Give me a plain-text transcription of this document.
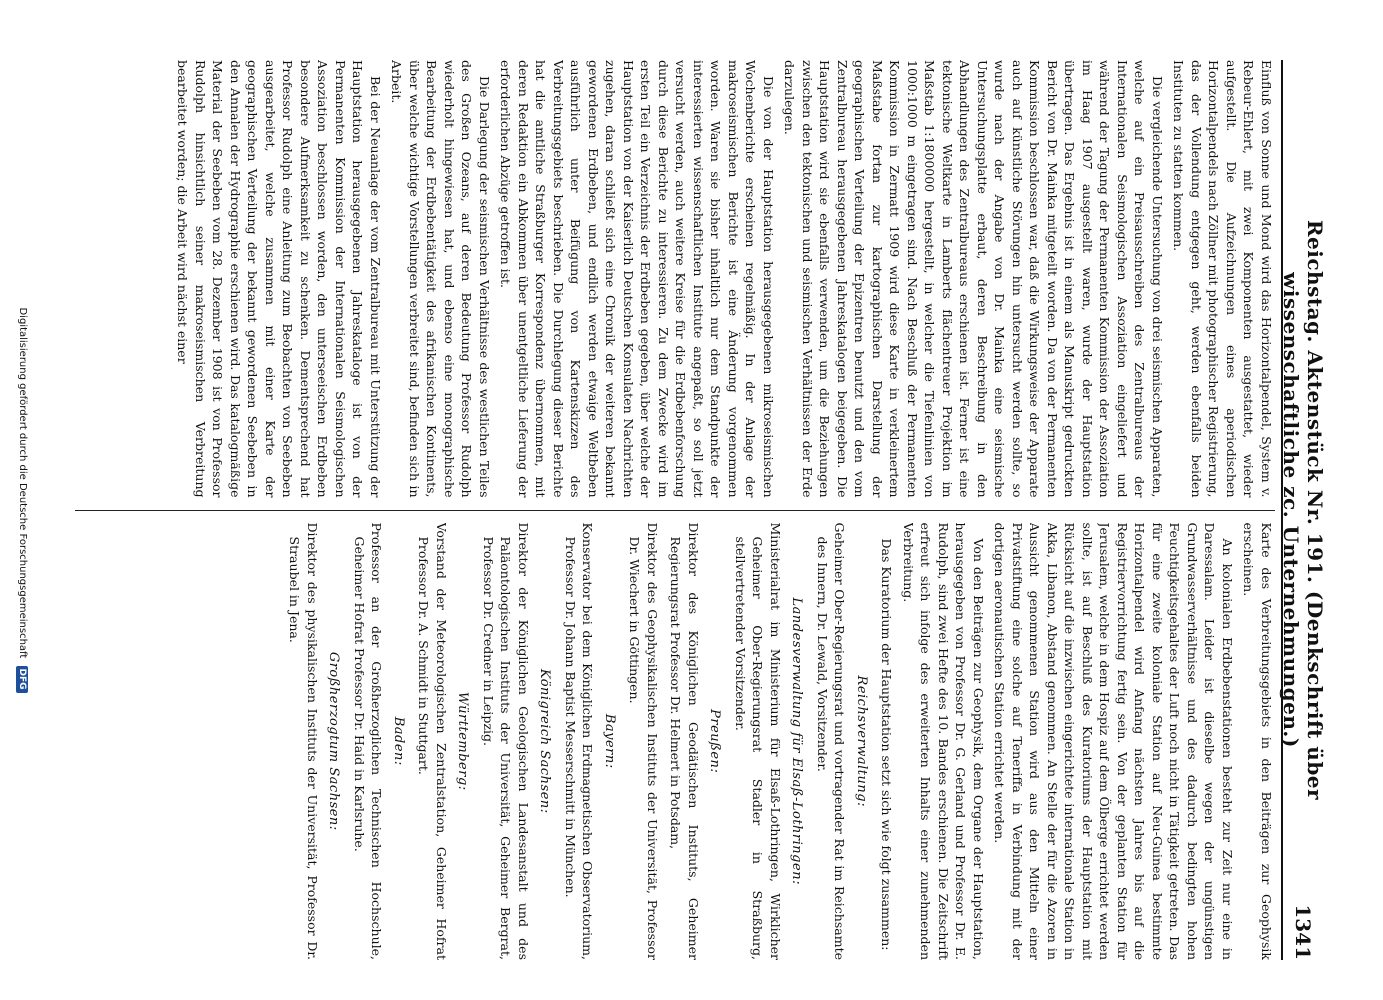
Reichstag. Aktenstück Nr. 191. (Denkschrift über wissenschaftliche zc. Unternehmungen.)
1341

Einfluß von Sonne und Mond wird das Horizontalpendel, System v. Rebeur-Ehlert, mit zwei Komponenten ausgestattet, wieder aufgestellt. Die Aufzeichnungen eines aperiodischen Horizontalpendels nach Zöllner mit photographischer Registrierung, das der Vollendung entgegen geht, werden ebenfalls beiden Instituten zu statten kommen.

Die vergleichende Untersuchung von drei seismischen Apparaten, welche auf ein Preisausschreiben des Zentralbureaus der Internationalen Seismologischen Assoziation eingeliefert und während der Tagung der Permanenten Kommission der Assoziation im Haag 1907 ausgestellt waren, wurde der Hauptstation übertragen. Das Ergebnis ist in einem als Manuskript gedruckten Bericht von Dr. Mainka mitgeteilt worden. Da von der Permanenten Kommission beschlossen war, daß die Wirkungsweise der Apparate auch auf künstliche Störungen hin untersucht werden sollte, so wurde nach der Angabe von Dr. Mainka eine seismische Untersuchungsplatte erbaut, deren Beschreibung in den Abhandlungen des Zentralbureaus erschienen ist. Ferner ist eine tektonische Weltkarte in Lamberts flächentreuer Projektion im Maßstab 1:1800000 hergestellt, in welcher die Tiefenlinien von 1000:1000 m eingetragen sind. Nach Beschluß der Permanenten Kommission in Zermatt 1909 wird diese Karte in verkleinertem Maßstabe fortan zur kartographischen Darstellung der geographischen Verteilung der Epizentren benutzt und den vom Zentralbureau herausgegebenen Jahreskatalogen beigegeben. Die Hauptstation wird sie ebenfalls verwenden, um die Beziehungen zwischen den tektonischen und seismischen Verhältnissen der Erde darzulegen.

Die von der Hauptstation herausgegebenen mikroseismischen Wochenberichte erscheinen regelmäßig. In der Anlage der makroseismischen Berichte ist eine Änderung vorgenommen worden. Waren sie bisher inhaltlich nur dem Standpunkte der interessierten wissenschaftlichen Institute angepaßt, so soll jetzt versucht werden, auch weitere Kreise für die Erdbebenforschung durch diese Berichte zu interessieren. Zu dem Zwecke wird im ersten Teil ein Verzeichnis der Erdbeben gegeben, über welche der Hauptstation von der Kaiserlich Deutschen Konsulaten Nachrichten zugehen, daran schließt sich eine Chronik der weiteren bekannt gewordenen Erdbeben, und endlich werden etwaige Weltbeben ausführlich unter Beifügung von Kartenskizzen des Verbreitungsgebiets beschrieben. Die Durchlegung dieser Berichte hat die amtliche Straßburger Korrespondenz übernommen, mit deren Redaktion ein Abkommen über unentgeltliche Lieferung der erforderlichen Abzüge getroffen ist.

Die Darlegung der seismischen Verhältnisse des westlichen Teiles des Großen Ozeans, auf deren Bedeutung Professor Rudolph wiederholt hingewiesen hat, und ebenso eine monographische Bearbeitung der Erdbebentätigkeit des afrikanischen Kontinents, über welche wichtige Vorstellungen verbreitet sind, befinden sich in Arbeit.

Bei der Neuanlage der vom Zentralbureau mit Unterstützung der Hauptstation herausgegebenen Jahreskataloge ist von der Permanenten Kommission der Internationalen Seismologischen Assoziation beschlossen worden, den unterseeischen Erdbeben besondere Aufmerksamkeit zu schenken. Dementsprechend hat Professor Rudolph eine Anleitung zum Beobachten von Seebeben ausgearbeitet, welche zusammen mit einer Karte der geographischen Verteilung der bekannt gewordenen Seebeben in den Annalen der Hydrographie erschienen wird. Das katalogmäßige Material der Seebeben vom 28. Dezember 1908 ist von Professor Rudolph hinsichtlich seiner makroseismischen Verbreitung bearbeitet worden; die Arbeit wird nächst einer

Karte des Verbreitungsgebiets in den Beiträgen zur Geophysik erscheinen.

An kolonialen Erdbebenstationen besteht zur Zeit nur eine in Daressalam. Leider ist dieselbe wegen der ungünstigen Grundwasserverhältnisse und des dadurch bedingten hohen Feuchtigkeitsgehaltes der Luft noch nicht in Tätigkeit getreten. Das für eine zweite koloniale Station auf Neu-Guinea bestimmte Horizontalpendel wird Anfang nächsten Jahres bis auf die Registriervorrichtung fertig sein. Von der geplanten Station für Jerusalem, welche in dem Hospiz auf dem Ölberge errichtet werden sollte, ist auf Beschluß des Kuratoriums der Hauptstation mit Rücksicht auf die inzwischen eingerichtete internationale Station in Akka, Libanon, Abstand genommen. An Stelle der für die Azoren in Aussicht genommenen Station wird aus den Mitteln einer Privatstiftung eine solche auf Teneriffa in Verbindung mit der dortigen aeronautischen Station errichtet werden.

Von den Beiträgen zur Geophysik, dem Organe der Hauptstation, herausgegeben von Professor Dr. G. Gerland und Professor Dr. E. Rudolph, sind zwei Hefte des 10. Bandes erschienen. Die Zeitschrift erfreut sich infolge des erweiterten Inhalts einer zunehmenden Verbreitung.

Das Kuratorium der Hauptstation setzt sich wie folgt zusammen:

Reichsverwaltung:
Geheimer Ober-Regierungsrat und vortragender Rat im Reichsamte des Innern, Dr. Lewald, Vorsitzender.
Landesverwaltung für Elsaß-Lothringen:
Ministerialrat im Ministerium für Elsaß-Lothringen, Wirklicher Geheimer Ober-Regierungsrat Stadler in Straßburg, stellvertretender Vorsitzender.
Preußen:
Direktor des Königlichen Geodätischen Instituts, Geheimer Regierungsrat Professor Dr. Helmert in Potsdam,
Direktor des Geophysikalischen Instituts der Universität, Professor Dr. Wiechert in Göttingen.
Bayern:
Konservator bei dem Königlichen Erdmagnetischen Observatorium, Professor Dr. Johann Baptist Messerschmitt in München.
Königreich Sachsen:
Direktor der Königlichen Geologischen Landesanstalt und des Paläontologischen Instituts der Universität, Geheimer Bergrat, Professor Dr. Credner in Leipzig.
Württemberg:
Vorstand der Meteorologischen Zentralstation, Geheimer Hofrat Professor Dr. A. Schmidt in Stuttgart.
Baden:
Professor an der Großherzoglichen Technischen Hochschule, Geheimer Hofrat Professor Dr. Haid in Karlsruhe.
Großherzogtum Sachsen:
Direktor des physikalischen Instituts der Universität, Professor Dr. Straubel in Jena.
Digitalisierung gefördert durch die Deutsche Forschungsgemeinschaft DFG
